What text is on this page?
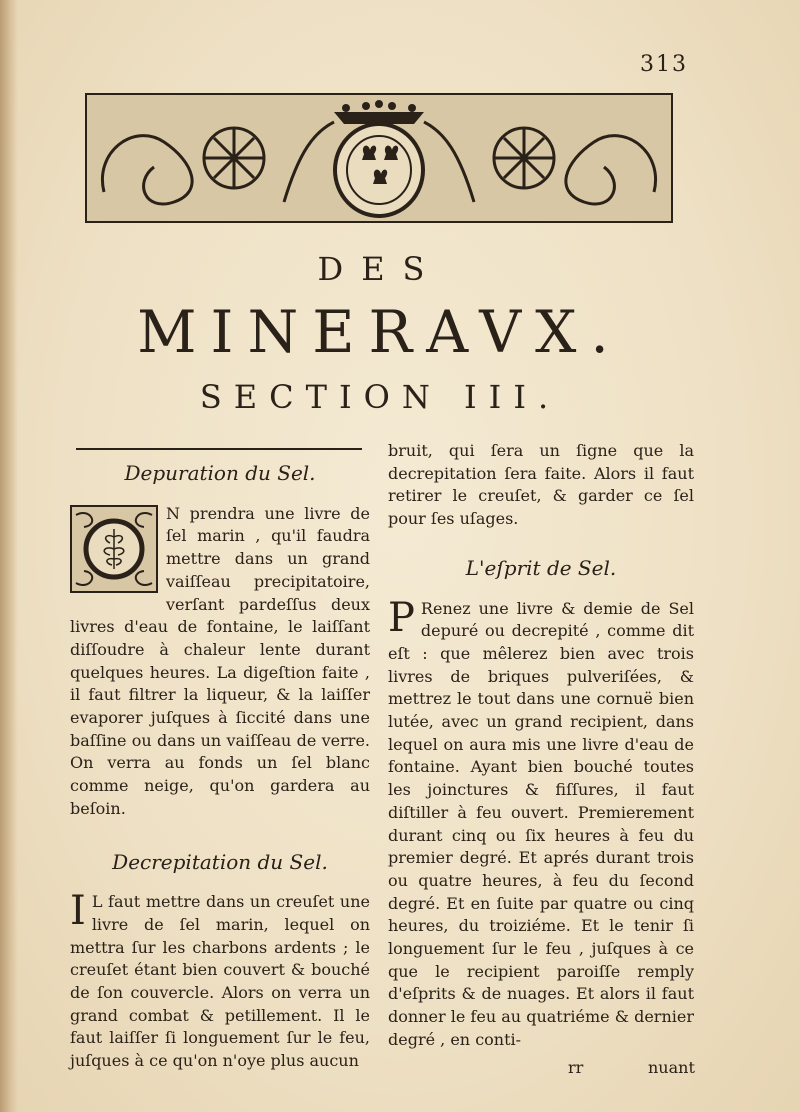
313
DES
MINERAVX.
SECTION III.
Depuration du Sel.

N prendra une livre de ſel marin , qu'il faudra mettre dans un grand vaiſſeau precipitatoire, verſant pardeſſus deux livres d'eau de fontaine, le laiſſant diſſoudre à chaleur lente durant quelques heures. La digeſtion faite , il faut filtrer la liqueur, & la laiſſer evaporer juſques à ſiccité dans une baſſine ou dans un vaiſſeau de verre. On verra au fonds un ſel blanc comme neige, qu'on gardera au beſoin.

Decrepitation du Sel.

I L faut mettre dans un creuſet une livre de ſel marin, lequel on mettra ſur les charbons ardents ; le creuſet étant bien couvert & bouché de ſon couvercle. Alors on verra un grand combat & petillement. Il le faut laiſſer ſi longuement ſur le feu, juſques à ce qu'on n'oye plus aucun

bruit, qui ſera un ſigne que la decrepitation ſera faite. Alors il faut retirer le creuſet, & garder ce ſel pour ſes uſages.

L'eſprit de Sel.

P Renez une livre & demie de Sel depuré ou decrepité , comme dit eſt : que mêlerez bien avec trois livres de briques pulveriſées, & mettrez le tout dans une cornuë bien lutée, avec un grand recipient, dans lequel on aura mis une livre d'eau de fontaine. Ayant bien bouché toutes les joinctures & fiſſures, il faut diſtiller à feu ouvert. Premierement durant cinq ou ſix heures à feu du premier degré. Et aprés durant trois ou quatre heures, à feu du ſecond degré. Et en ſuite par quatre ou cinq heures, du troiziéme. Et le tenir ſi longuement ſur le feu , juſques à ce que le recipient paroiſſe remply d'eſprits & de nuages. Et alors il faut donner le feu au quatriéme & dernier degré , en conti-

rr	nuant
